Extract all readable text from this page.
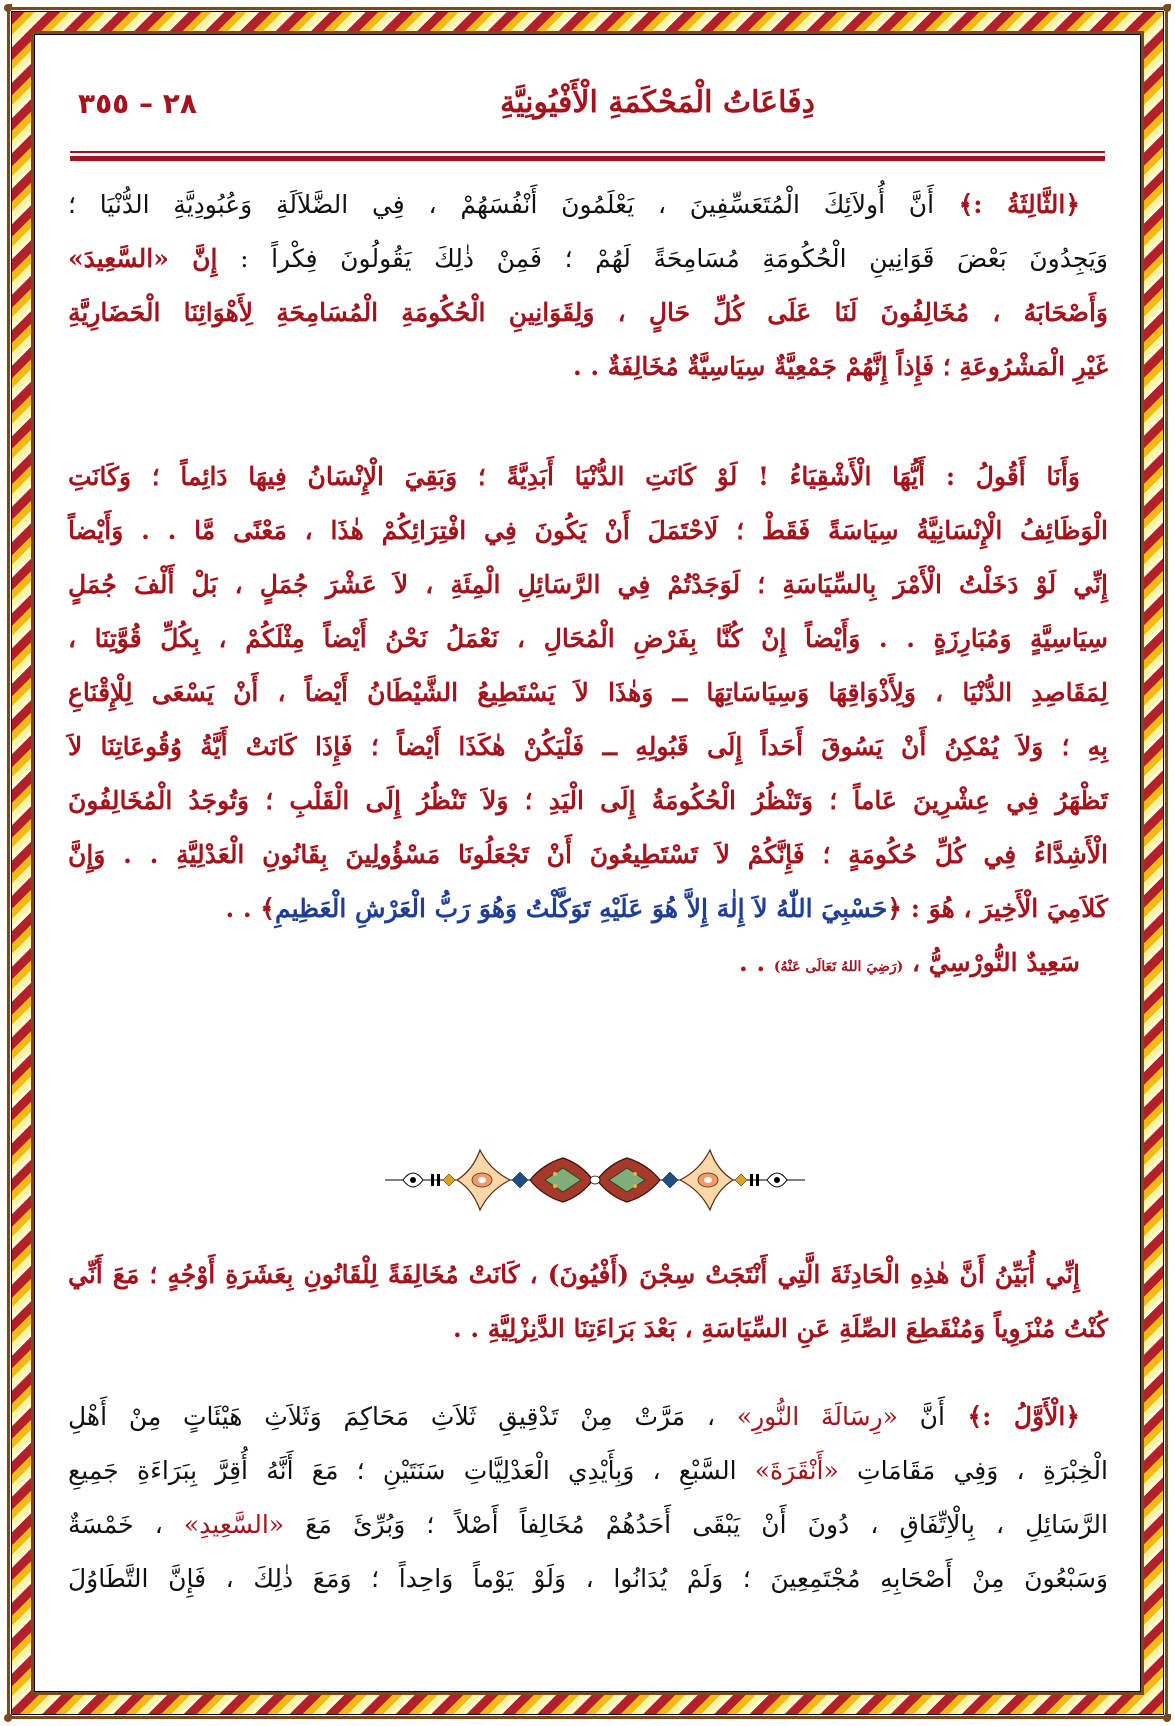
دِفَاعَاتُ الْمَحْكَمَةِ الْأَفْيُونِيَّةِ
٢٨ – ٣٥٥
﴿الثَّالِثَةُ :﴾ أَنَّ أُولاَئِكَ الْمُتَعَسِّفِينَ ، يَعْلَمُونَ أَنْفُسَهُمْ ، فِي الضَّلاَلَةِ وَعُبُودِيَّةِ الدُّنْيَا ؛
وَيَجِدُونَ بَعْضَ قَوَانِينِ الْحُكُومَةِ مُسَامِحَةً لَهُمْ ؛ فَمِنْ ذٰلِكَ يَقُولُونَ فِكْراً : إِنَّ «السَّعِيدَ»
وَأَصْحَابَهُ ، مُخَالِفُونَ لَنَا عَلَى كُلِّ حَالٍ ، وَلِقَوَانِينِ الْحُكُومَةِ الْمُسَامِحَةِ لِأَهْوَائِنَا الْحَضَارِيَّةِ
غَيْرِ الْمَشْرُوعَةِ ؛ فَإِذاً إِنَّهُمْ جَمْعِيَّةٌ سِيَاسِيَّةٌ مُخَالِفَةٌ . .
وَأَنَا أَقُولُ : أَيُّهَا الْأَشْقِيَاءُ ! لَوْ كَانَتِ الدُّنْيَا أَبَدِيَّةً ؛ وَبَقِيَ الْإِنْسَانُ فِيهَا دَائِماً ؛ وَكَانَتِ
الْوَظَائِفُ الْإِنْسَانِيَّةُ سِيَاسَةً فَقَطْ ؛ لَاحْتَمَلَ أَنْ يَكُونَ فِي افْتِرَائِكُمْ هٰذَا ، مَعْنًى مَّا . . وَأَيْضاً
إِنِّي لَوْ دَخَلْتُ الْأَمْرَ بِالسِّيَاسَةِ ؛ لَوَجَدْتُمْ فِي الرَّسَائِلِ الْمِئَةِ ، لاَ عَشْرَ جُمَلٍ ، بَلْ أَلْفَ جُمَلٍ
سِيَاسِيَّةٍ وَمُبَارِزَةٍ . . وَأَيْضاً إِنْ كُنَّا بِفَرْضِ الْمُحَالِ ، نَعْمَلُ نَحْنُ أَيْضاً مِثْلَكُمْ ، بِكُلِّ قُوَّتِنَا ،
لِمَقَاصِدِ الدُّنْيَا ، وَلِأَذْوَاقِهَا وَسِيَاسَاتِهَا ــ وَهٰذَا لاَ يَسْتَطِيعُ الشَّيْطَانُ أَيْضاً ، أَنْ يَسْعَى لِلْإِقْنَاعِ
بِهِ ؛ وَلاَ يُمْكِنُ أَنْ يَسُوقَ أَحَداً إِلَى قَبُولِهِ ــ فَلْيَكُنْ هٰكَذَا أَيْضاً ؛ فَإِذَا كَانَتْ أَيَّةُ وُقُوعَاتِنَا لاَ
تَظْهَرُ فِي عِشْرِينَ عَاماً ؛ وَتَنْظُرُ الْحُكُومَةُ إِلَى الْيَدِ ؛ وَلاَ تَنْظُرُ إِلَى الْقَلْبِ ؛ وَتُوجَدُ الْمُخَالِفُونَ
الْأَشِدَّاءُ فِي كُلِّ حُكُومَةٍ ؛ فَإِنَّكُمْ لاَ تَسْتَطِيعُونَ أَنْ تَجْعَلُونَا مَسْؤُولِينَ بِقَانُونِ الْعَدْلِيَّةِ . . وَإِنَّ
كَلاَمِيَ الْأَخِيرَ ، هُوَ : ﴿حَسْبِيَ اللّٰهُ لاَ إِلٰهَ إِلاَّ هُوَ عَلَيْهِ تَوَكَّلْتُ وَهُوَ رَبُّ الْعَرْشِ الْعَظِيمِ﴾ . .
سَعِيدٌ النُّورْسِيُّ ، (رَضِيَ اللهُ تَعَالَى عَنْهُ) . .
إِنِّي أُبَيِّنُ أَنَّ هٰذِهِ الْحَادِثَةَ الَّتِي أَنْتَجَتْ سِجْنَ (أَفْيُونَ) ، كَانَتْ مُخَالِفَةً لِلْقَانُونِ بِعَشَرَةِ أَوْجُهٍ ؛ مَعَ أَنِّي
كُنْتُ مُنْزَوِياً وَمُنْقَطِعَ الصِّلَةِ عَنِ السِّيَاسَةِ ، بَعْدَ بَرَاءَتِنَا الدَّنِزْلِيَّةِ . .
﴿الْأَوَّلُ :﴾ أَنَّ «رِسَالَةَ النُّورِ» ، مَرَّتْ مِنْ تَدْقِيقِ ثَلاَثِ مَحَاكِمَ وَثَلاَثِ هَيْئَاتٍ مِنْ أَهْلِ
الْخِبْرَةِ ، وَفِي مَقَامَاتِ «أَنْقَرَةَ» السَّبْعِ ، وَبِأَيْدِي الْعَدْلِيَّاتِ سَنَتَيْنِ ؛ مَعَ أَنَّهُ أُقِرَّ بِبَرَاءَةِ جَمِيعِ
الرَّسَائِلِ ، بِالْاِتِّفَاقِ ، دُونَ أَنْ يَبْقَى أَحَدُهُمْ مُخَالِفاً أَصْلاً ؛ وَبُرِّئَ مَعَ «السَّعِيدِ» ، خَمْسَةٌ
وَسَبْعُونَ مِنْ أَصْحَابِهِ مُجْتَمِعِينَ ؛ وَلَمْ يُدَانُوا ، وَلَوْ يَوْماً وَاحِداً ؛ وَمَعَ ذٰلِكَ ، فَإِنَّ التَّطَاوُلَ
